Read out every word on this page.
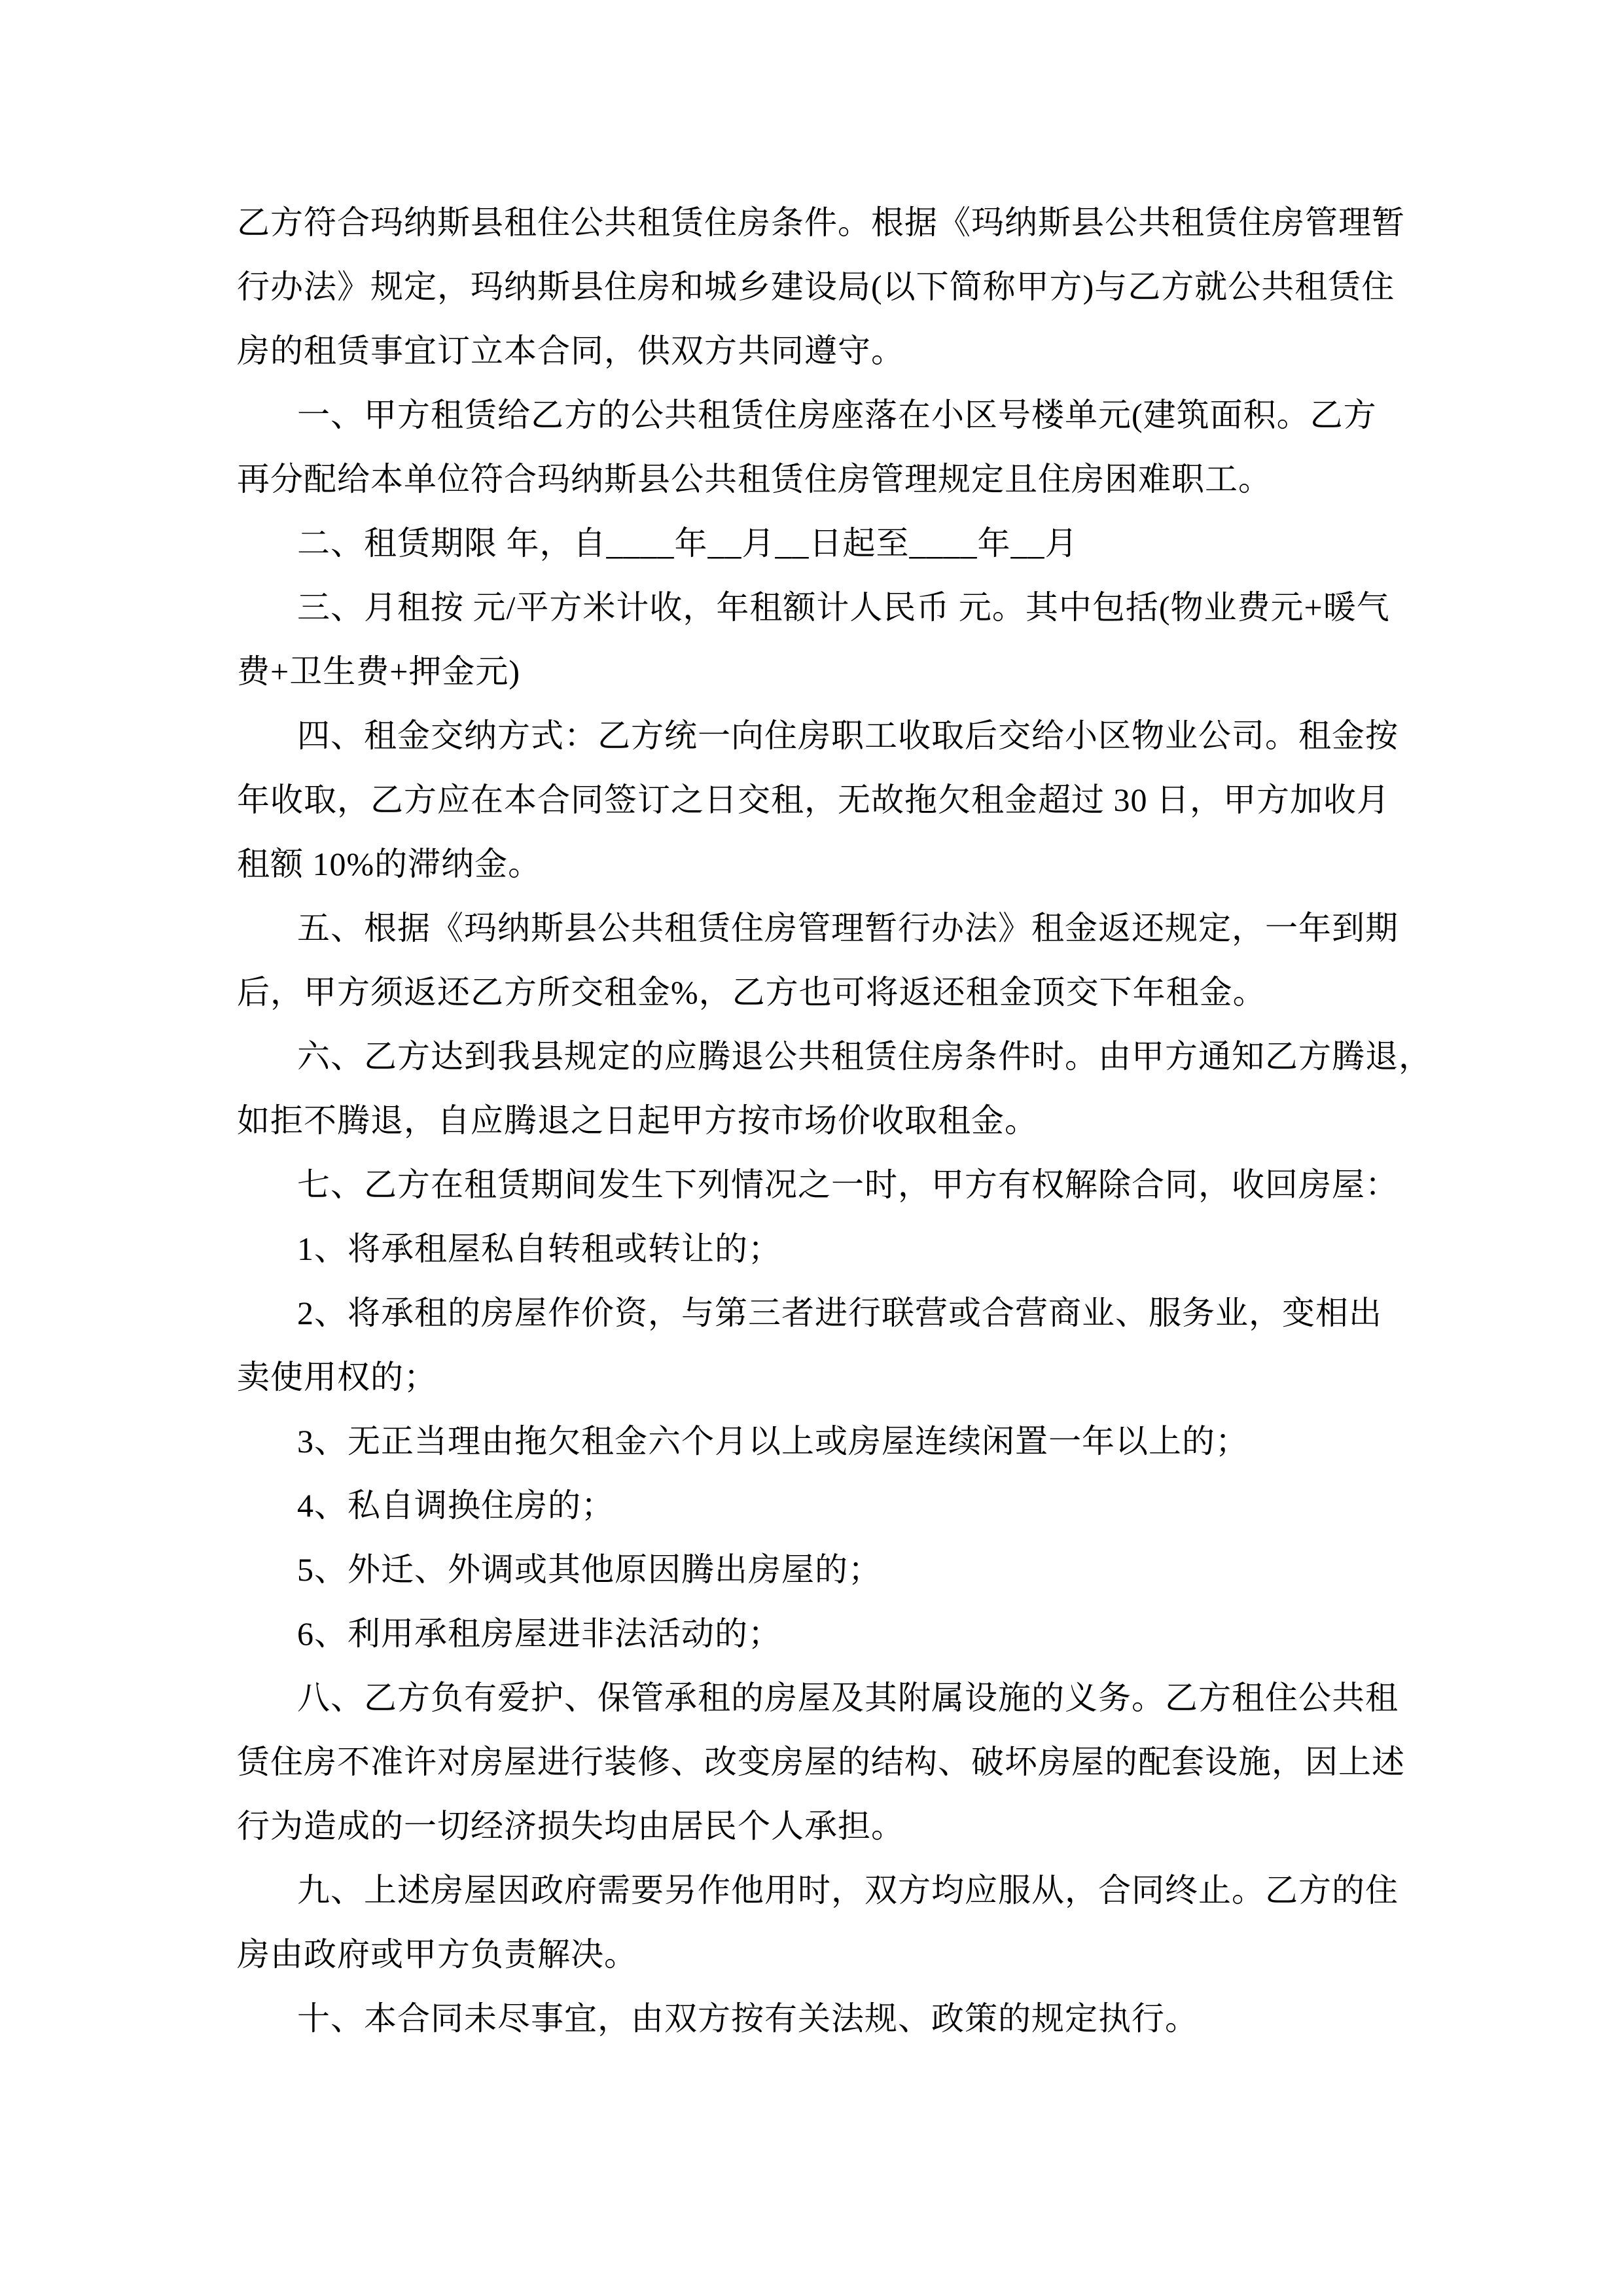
乙方符合玛纳斯县租住公共租赁住房条件。根据《玛纳斯县公共租赁住房管理暂
行办法》规定，玛纳斯县住房和城乡建设局(以下简称甲方)与乙方就公共租赁住
房的租赁事宜订立本合同，供双方共同遵守。
一、甲方租赁给乙方的公共租赁住房座落在小区号楼单元(建筑面积。乙方
再分配给本单位符合玛纳斯县公共租赁住房管理规定且住房困难职工。
二、租赁期限 年，自____年__月__日起至____年__月
三、月租按 元/平方米计收，年租额计人民币 元。其中包括(物业费元+暖气
费+卫生费+押金元)
四、租金交纳方式：乙方统一向住房职工收取后交给小区物业公司。租金按
年收取，乙方应在本合同签订之日交租，无故拖欠租金超过 30 日，甲方加收月
租额 10%的滞纳金。
五、根据《玛纳斯县公共租赁住房管理暂行办法》租金返还规定，一年到期
后，甲方须返还乙方所交租金%，乙方也可将返还租金顶交下年租金。
六、乙方达到我县规定的应腾退公共租赁住房条件时。由甲方通知乙方腾退，
如拒不腾退，自应腾退之日起甲方按市场价收取租金。
七、乙方在租赁期间发生下列情况之一时，甲方有权解除合同，收回房屋：
1、将承租屋私自转租或转让的；
2、将承租的房屋作价资，与第三者进行联营或合营商业、服务业，变相出
卖使用权的；
3、无正当理由拖欠租金六个月以上或房屋连续闲置一年以上的；
4、私自调换住房的；
5、外迁、外调或其他原因腾出房屋的；
6、利用承租房屋进非法活动的；
八、乙方负有爱护、保管承租的房屋及其附属设施的义务。乙方租住公共租
赁住房不准许对房屋进行装修、改变房屋的结构、破坏房屋的配套设施，因上述
行为造成的一切经济损失均由居民个人承担。
九、上述房屋因政府需要另作他用时，双方均应服从，合同终止。乙方的住
房由政府或甲方负责解决。
十、本合同未尽事宜，由双方按有关法规、政策的规定执行。
